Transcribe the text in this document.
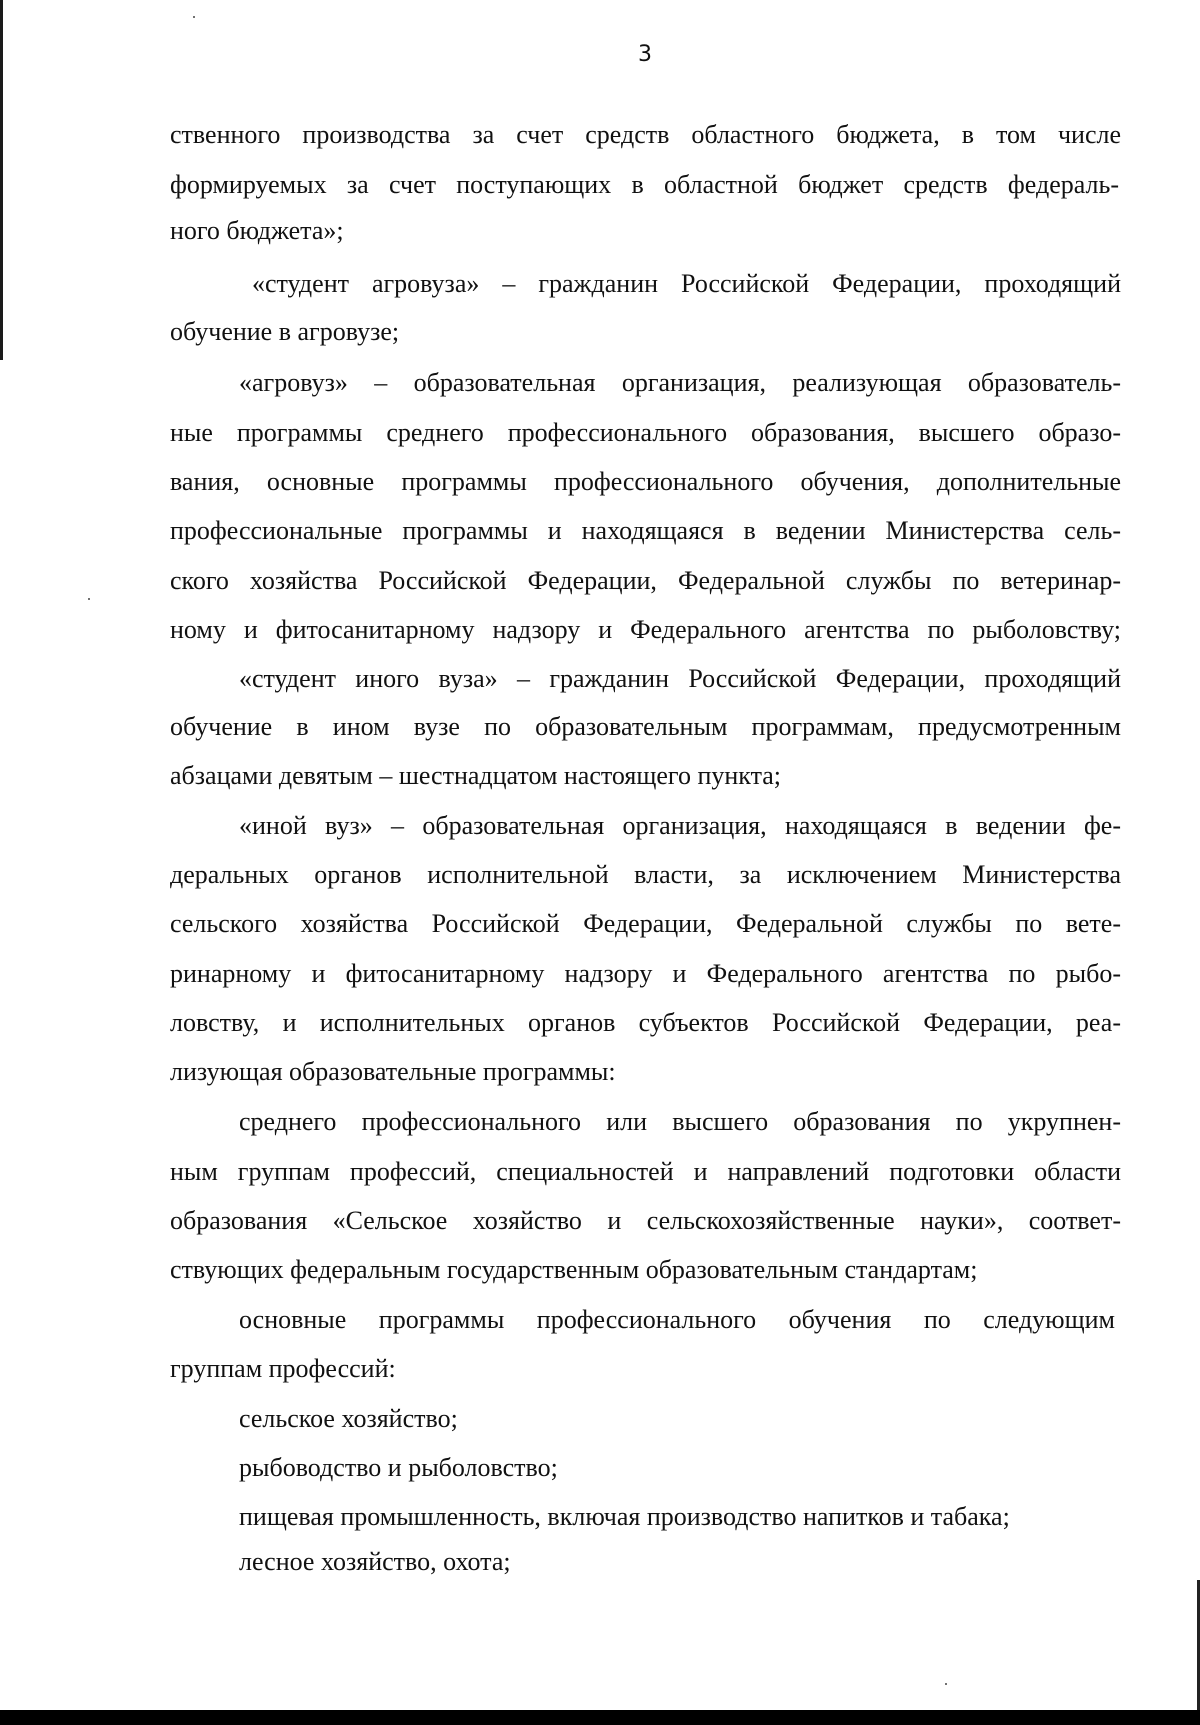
3
ственного производства за счет средств областного бюджета, в том числе
формируемых за счет поступающих в областной бюджет средств федераль-
ного бюджета»;
«студент агровуза» – гражданин Российской Федерации, проходящий
обучение в агровузе;
«агровуз» – образовательная организация, реализующая образователь-
ные программы среднего профессионального образования, высшего образо-
вания, основные программы профессионального обучения, дополнительные
профессиональные программы и находящаяся в ведении Министерства сель-
ского хозяйства Российской Федерации, Федеральной службы по ветеринар-
ному и фитосанитарному надзору и Федерального агентства по рыболовству;
«студент иного вуза» – гражданин Российской Федерации, проходящий
обучение в ином вузе по образовательным программам, предусмотренным
абзацами девятым – шестнадцатом настоящего пункта;
«иной вуз» – образовательная организация, находящаяся в ведении фе-
деральных органов исполнительной власти, за исключением Министерства
сельского хозяйства Российской Федерации, Федеральной службы по вете-
ринарному и фитосанитарному надзору и Федерального агентства по рыбо-
ловству, и исполнительных органов субъектов Российской Федерации, реа-
лизующая образовательные программы:
среднего профессионального или высшего образования по укрупнен-
ным группам профессий, специальностей и направлений подготовки области
образования «Сельское хозяйство и сельскохозяйственные науки», соответ-
ствующих федеральным государственным образовательным стандартам;
основные программы профессионального обучения по следующим
группам профессий:
сельское хозяйство;
рыбоводство и рыболовство;
пищевая промышленность, включая производство напитков и табака;
лесное хозяйство, охота;
